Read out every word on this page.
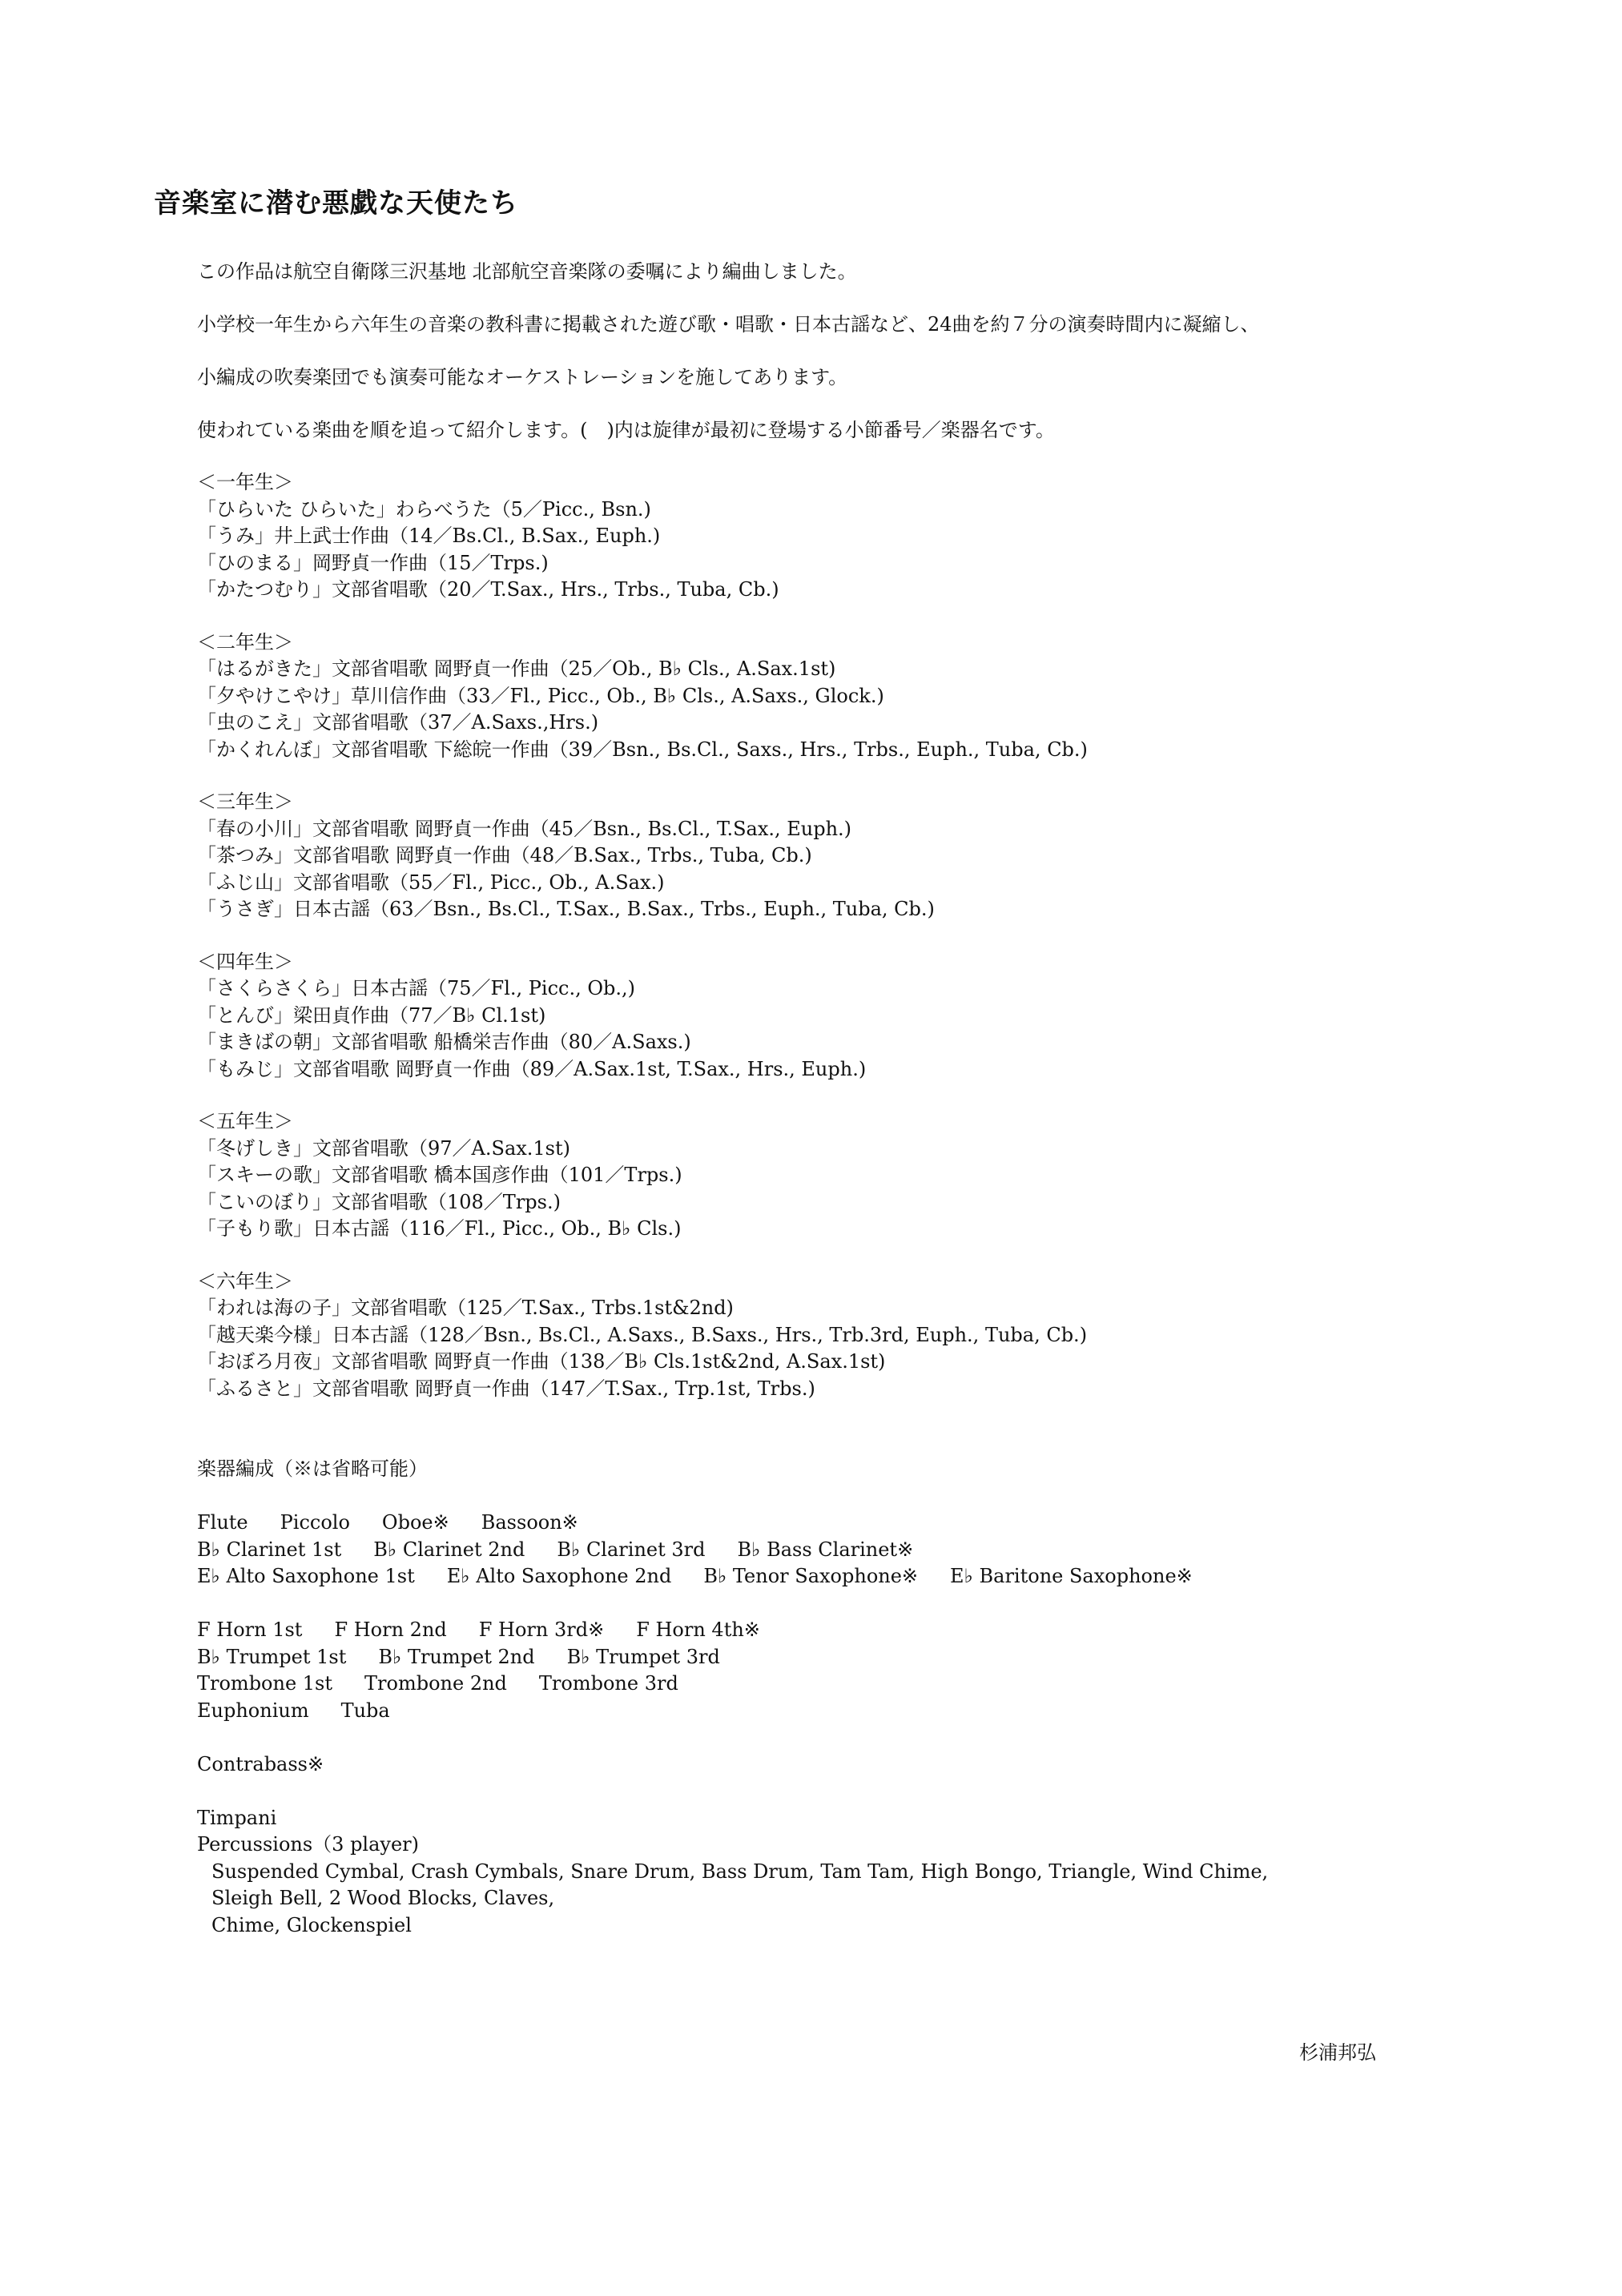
音楽室に潜む悪戯な天使たち
この作品は航空自衛隊三沢基地 北部航空音楽隊の委嘱により編曲しました。
小学校一年生から六年生の音楽の教科書に掲載された遊び歌・唱歌・日本古謡など、24曲を約７分の演奏時間内に凝縮し、
小編成の吹奏楽団でも演奏可能なオーケストレーションを施してあります。
使われている楽曲を順を追って紹介します。(　)内は旋律が最初に登場する小節番号／楽器名です。
＜一年生＞
「ひらいた ひらいた」わらべうた（5／Picc., Bsn.)
「うみ」井上武士作曲（14／Bs.Cl., B.Sax., Euph.)
「ひのまる」岡野貞一作曲（15／Trps.)
「かたつむり」文部省唱歌（20／T.Sax., Hrs., Trbs., Tuba, Cb.)
＜二年生＞
「はるがきた」文部省唱歌 岡野貞一作曲（25／Ob., B♭ Cls., A.Sax.1st)
「夕やけこやけ」草川信作曲（33／Fl., Picc., Ob., B♭ Cls., A.Saxs., Glock.)
「虫のこえ」文部省唱歌（37／A.Saxs.,Hrs.)
「かくれんぼ」文部省唱歌 下総皖一作曲（39／Bsn., Bs.Cl., Saxs., Hrs., Trbs., Euph., Tuba, Cb.)
＜三年生＞
「春の小川」文部省唱歌 岡野貞一作曲（45／Bsn., Bs.Cl., T.Sax., Euph.)
「茶つみ」文部省唱歌 岡野貞一作曲（48／B.Sax., Trbs., Tuba, Cb.)
「ふじ山」文部省唱歌（55／Fl., Picc., Ob., A.Sax.)
「うさぎ」日本古謡（63／Bsn., Bs.Cl., T.Sax., B.Sax., Trbs., Euph., Tuba, Cb.)
＜四年生＞
「さくらさくら」日本古謡（75／Fl., Picc., Ob.,)
「とんび」梁田貞作曲（77／B♭ Cl.1st)
「まきばの朝」文部省唱歌 船橋栄吉作曲（80／A.Saxs.)
「もみじ」文部省唱歌 岡野貞一作曲（89／A.Sax.1st, T.Sax., Hrs., Euph.)
＜五年生＞
「冬げしき」文部省唱歌（97／A.Sax.1st)
「スキーの歌」文部省唱歌 橋本国彦作曲（101／Trps.)
「こいのぼり」文部省唱歌（108／Trps.)
「子もり歌」日本古謡（116／Fl., Picc., Ob., B♭ Cls.)
＜六年生＞
「われは海の子」文部省唱歌（125／T.Sax., Trbs.1st&2nd)
「越天楽今様」日本古謡（128／Bsn., Bs.Cl., A.Saxs., B.Saxs., Hrs., Trb.3rd, Euph., Tuba, Cb.)
「おぼろ月夜」文部省唱歌 岡野貞一作曲（138／B♭ Cls.1st&2nd, A.Sax.1st)
「ふるさと」文部省唱歌 岡野貞一作曲（147／T.Sax., Trp.1st, Trbs.)
楽器編成（※は省略可能）
Flute Piccolo Oboe※ Bassoon※
B♭ Clarinet 1st B♭ Clarinet 2nd B♭ Clarinet 3rd B♭ Bass Clarinet※
E♭ Alto Saxophone 1st E♭ Alto Saxophone 2nd B♭ Tenor Saxophone※ E♭ Baritone Saxophone※
F Horn 1st F Horn 2nd F Horn 3rd※ F Horn 4th※
B♭ Trumpet 1st B♭ Trumpet 2nd B♭ Trumpet 3rd
Trombone 1st Trombone 2nd Trombone 3rd
Euphonium Tuba
Contrabass※
Timpani
Percussions（3 player)
Suspended Cymbal, Crash Cymbals, Snare Drum, Bass Drum, Tam Tam, High Bongo, Triangle, Wind Chime,
Sleigh Bell, 2 Wood Blocks, Claves,
Chime, Glockenspiel
杉浦邦弘
